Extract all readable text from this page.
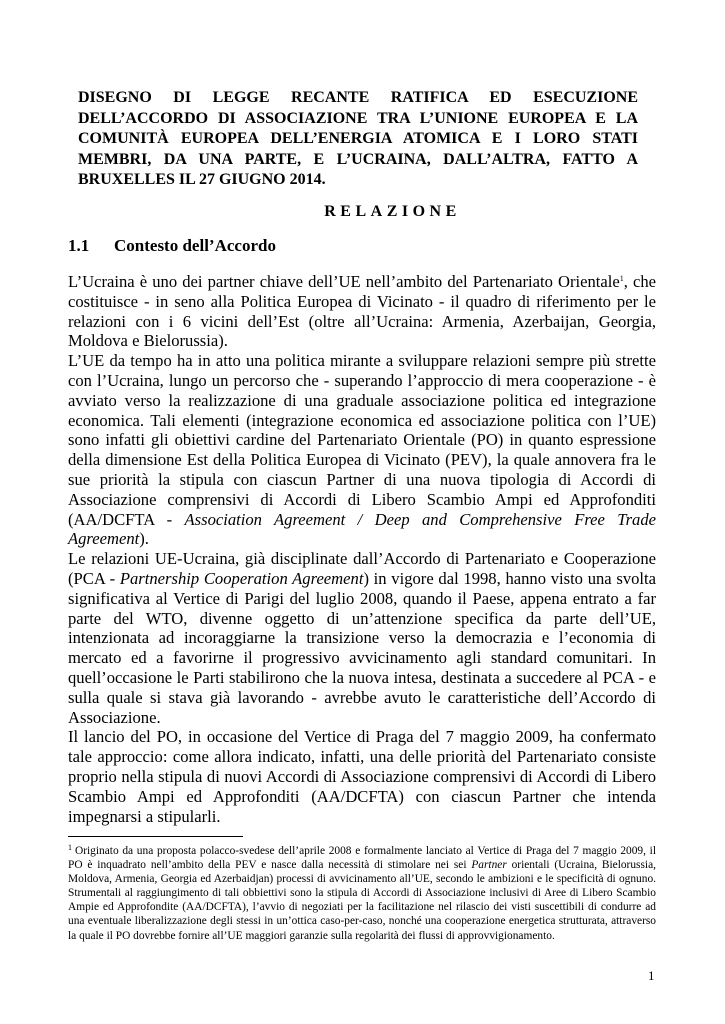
DISEGNO DI LEGGE RECANTE RATIFICA ED ESECUZIONE DELL’ACCORDO DI ASSOCIAZIONE TRA L’UNIONE EUROPEA E LA COMUNITÀ EUROPEA DELL’ENERGIA ATOMICA E I LORO STATI MEMBRI, DA UNA PARTE, E L’UCRAINA, DALL’ALTRA, FATTO A BRUXELLES IL 27 GIUGNO 2014.
RELAZIONE
1.1 Contesto dell’Accordo

L’Ucraina è uno dei partner chiave dell’UE nell’ambito del Partenariato Orientale$^1$, che costituisce - in seno alla Politica Europea di Vicinato - il quadro di riferimento per le relazioni con i 6 vicini dell’Est (oltre all’Ucraina: Armenia, Azerbaijan, Georgia, Moldova e Bielorussia).

L’UE da tempo ha in atto una politica mirante a sviluppare relazioni sempre più strette con l’Ucraina, lungo un percorso che - superando l’approccio di mera cooperazione - è avviato verso la realizzazione di una graduale associazione politica ed integrazione economica. Tali elementi (integrazione economica ed associazione politica con l’UE) sono infatti gli obiettivi cardine del Partenariato Orientale (PO) in quanto espressione della dimensione Est della Politica Europea di Vicinato (PEV), la quale annovera fra le sue priorità la stipula con ciascun Partner di una nuova tipologia di Accordi di Associazione comprensivi di Accordi di Libero Scambio Ampi ed Approfonditi (AA/DCFTA - Association Agreement / Deep and Comprehensive Free Trade Agreement).

Le relazioni UE-Ucraina, già disciplinate dall’Accordo di Partenariato e Cooperazione (PCA - Partnership Cooperation Agreement) in vigore dal 1998, hanno visto una svolta significativa al Vertice di Parigi del luglio 2008, quando il Paese, appena entrato a far parte del WTO, divenne oggetto di un’attenzione specifica da parte dell’UE, intenzionata ad incoraggiarne la transizione verso la democrazia e l’economia di mercato ed a favorirne il progressivo avvicinamento agli standard comunitari. In quell’occasione le Parti stabilirono che la nuova intesa, destinata a succedere al PCA - e sulla quale si stava già lavorando - avrebbe avuto le caratteristiche dell’Accordo di Associazione.

Il lancio del PO, in occasione del Vertice di Praga del 7 maggio 2009, ha confermato tale approccio: come allora indicato, infatti, una delle priorità del Partenariato consiste proprio nella stipula di nuovi Accordi di Associazione comprensivi di Accordi di Libero Scambio Ampi ed Approfonditi (AA/DCFTA) con ciascun Partner che intenda impegnarsi a stipularli.

$^1$ Originato da una proposta polacco-svedese dell’aprile 2008 e formalmente lanciato al Vertice di Praga del 7 maggio 2009, il PO è inquadrato nell’ambito della PEV e nasce dalla necessità di stimolare nei sei Partner orientali (Ucraina, Bielorussia, Moldova, Armenia, Georgia ed Azerbaidjan) processi di avvicinamento all’UE, secondo le ambizioni e le specificità di ognuno. Strumentali al raggiungimento di tali obbiettivi sono la stipula di Accordi di Associazione inclusivi di Aree di Libero Scambio Ampie ed Approfondite (AA/DCFTA), l’avvio di negoziati per la facilitazione nel rilascio dei visti suscettibili di condurre ad una eventuale liberalizzazione degli stessi in un’ottica caso-per-caso, nonché una cooperazione energetica strutturata, attraverso la quale il PO dovrebbe fornire all’UE maggiori garanzie sulla regolarità dei flussi di approvvigionamento.
1
